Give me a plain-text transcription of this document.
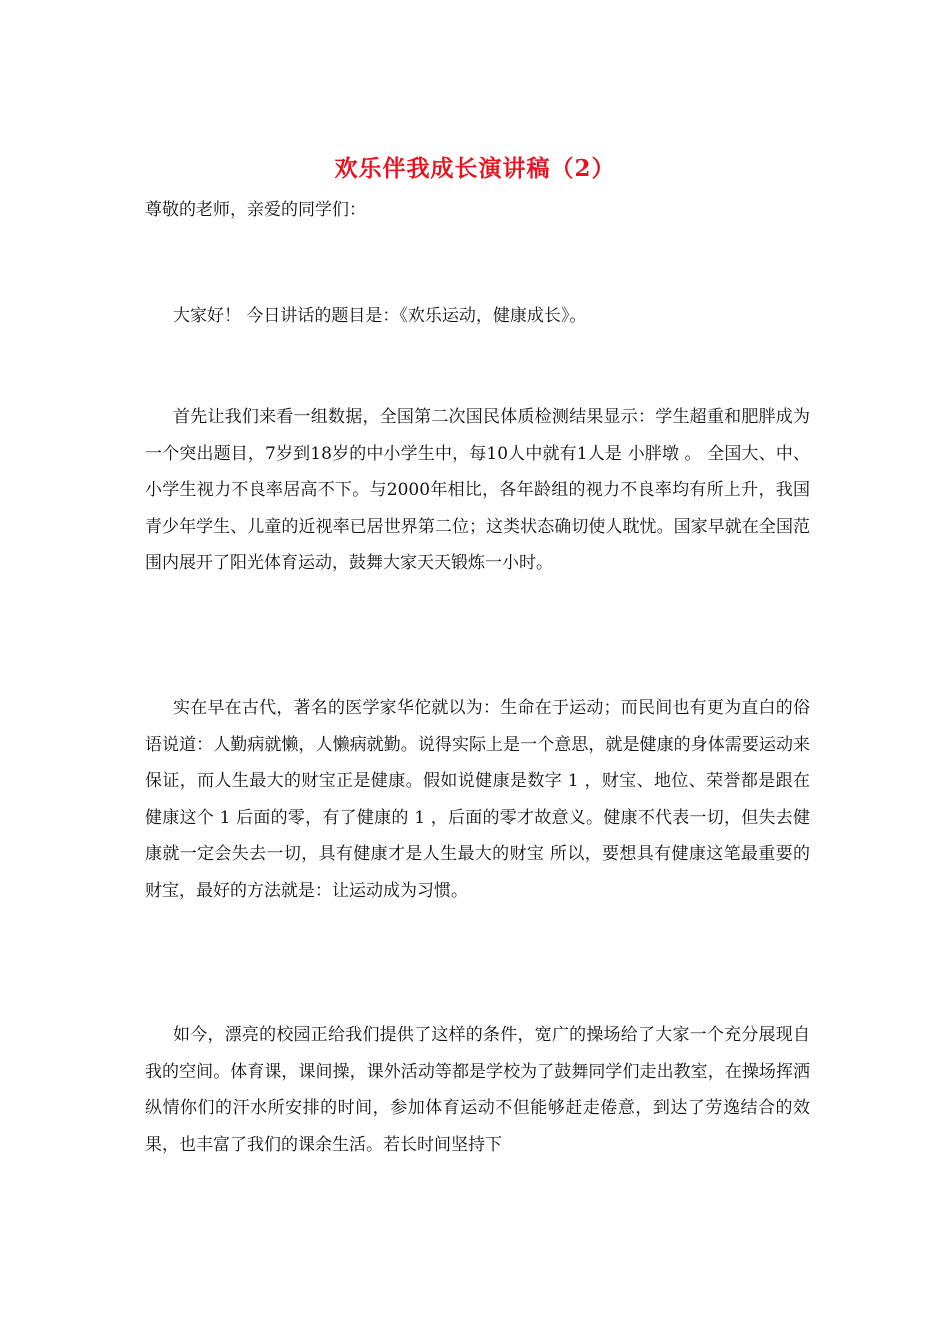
欢乐伴我成长演讲稿（2）

尊敬的老师，亲爱的同学们：

大家好！ 今日讲话的题目是：《欢乐运动，健康成长》。

首先让我们来看一组数据，全国第二次国民体质检测结果显示：学生超重和肥胖成为一个突出题目，7岁到18岁的中小学生中，每10人中就有1人是 小胖墩 。 全国大、中、小学生视力不良率居高不下。与2000年相比，各年龄组的视力不良率均有所上升，我国青少年学生、儿童的近视率已居世界第二位；这类状态确切使人耽忧。国家早就在全国范围内展开了阳光体育运动，鼓舞大家天天锻炼一小时。

实在早在古代，著名的医学家华佗就以为：生命在于运动；而民间也有更为直白的俗语说道：人勤病就懒，人懒病就勤。说得实际上是一个意思，就是健康的身体需要运动来保证，而人生最大的财宝正是健康。假如说健康是数字 1 ，财宝、地位、荣誉都是跟在健康这个 1 后面的零，有了健康的 1 ，后面的零才故意义。健康不代表一切，但失去健康就一定会失去一切，具有健康才是人生最大的财宝 所以，要想具有健康这笔最重要的财宝，最好的方法就是：让运动成为习惯。

如今，漂亮的校园正给我们提供了这样的条件，宽广的操场给了大家一个充分展现自我的空间。体育课，课间操，课外活动等都是学校为了鼓舞同学们走出教室，在操场挥洒纵情你们的汗水所安排的时间，参加体育运动不但能够赶走倦意，到达了劳逸结合的效果，也丰富了我们的课余生活。若长时间坚持下
